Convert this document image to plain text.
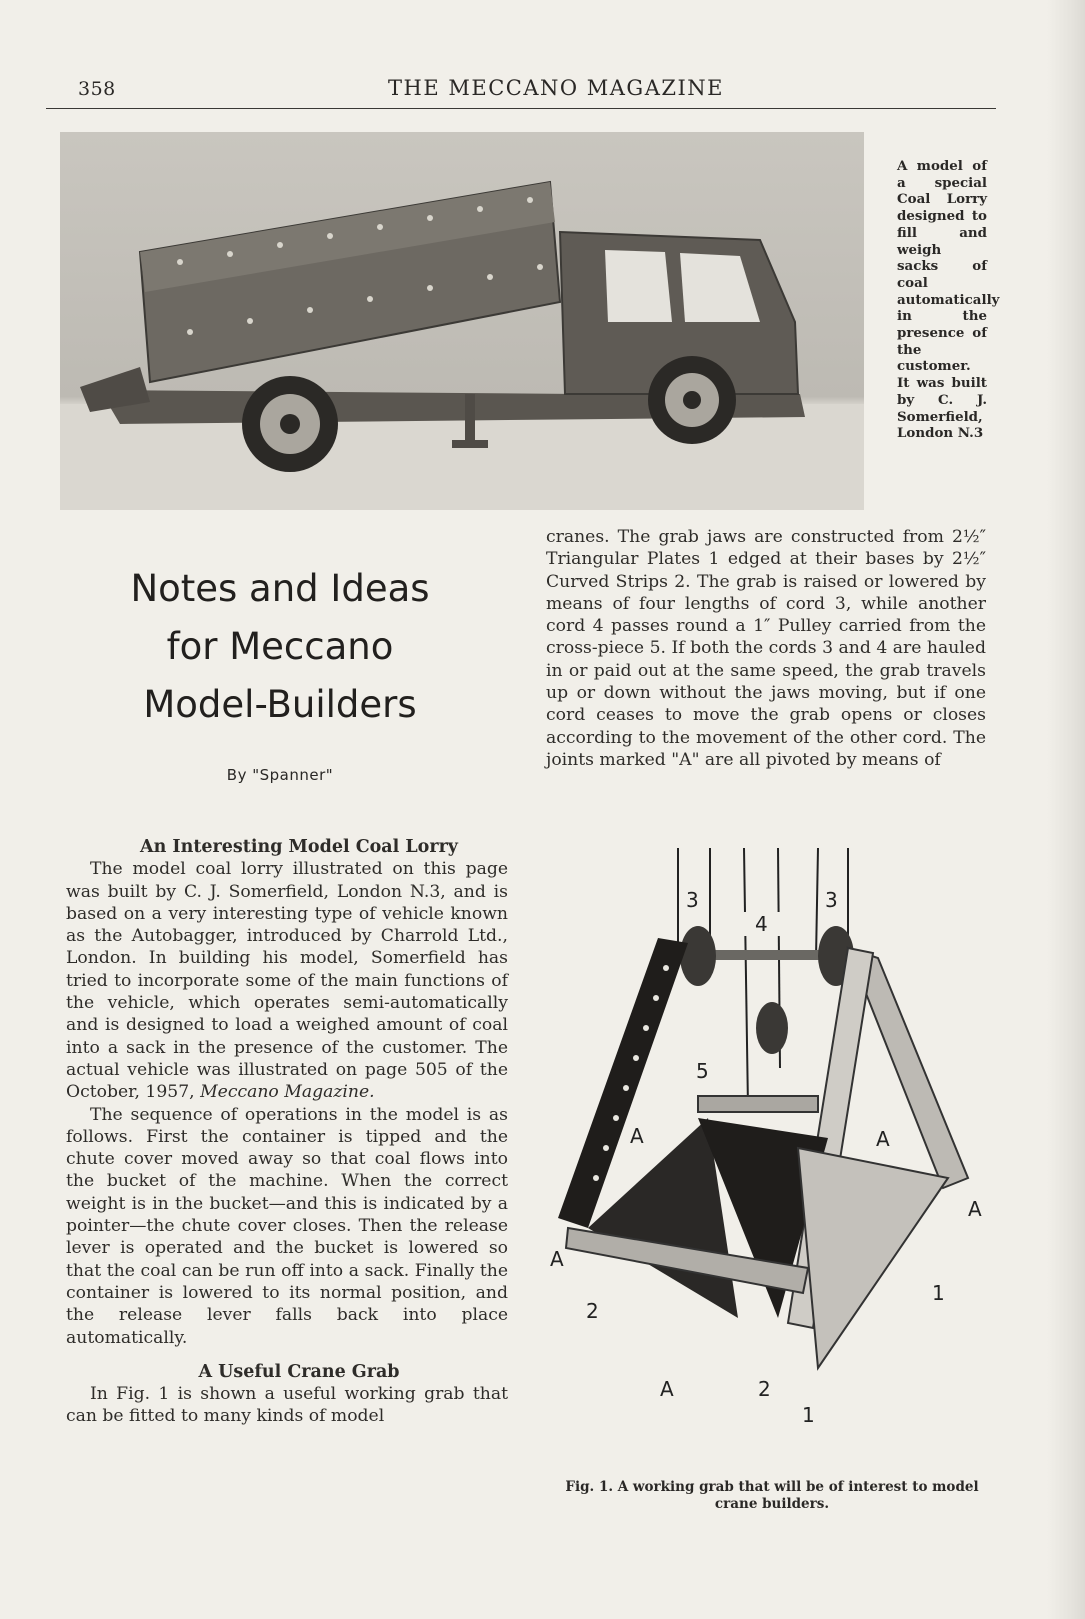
358	THE MECCANO MAGAZINE
A model of a special Coal Lorry designed to fill and weigh sacks of coal automatically in the presence of the customer. It was built by C. J. Somerfield, London N.3
Notes and Ideas
for Meccano
Model-Builders
By "Spanner"

cranes. The grab jaws are constructed from 2½″ Triangular Plates 1 edged at their bases by 2½″ Curved Strips 2. The grab is raised or lowered by means of four lengths of cord 3, while another cord 4 passes round a 1″ Pulley carried from the cross-piece 5. If both the cords 3 and 4 are hauled in or paid out at the same speed, the grab travels up or down without the jaws moving, but if one cord ceases to move the grab opens or closes according to the movement of the other cord. The joints marked "A" are all pivoted by means of

An Interesting Model Coal Lorry

The model coal lorry illustrated on this page was built by C. J. Somerfield, London N.3, and is based on a very interesting type of vehicle known as the Autobagger, introduced by Charrold Ltd., London. In building his model, Somerfield has tried to incorporate some of the main functions of the vehicle, which operates semi-automatically and is designed to load a weighed amount of coal into a sack in the presence of the customer. The actual vehicle was illustrated on page 505 of the October, 1957, Meccano Magazine.

The sequence of operations in the model is as follows. First the container is tipped and the chute cover moved away so that coal flows into the bucket of the machine. When the correct weight is in the bucket—and this is indicated by a pointer—the chute cover closes. Then the release lever is operated and the bucket is lowered so that the coal can be run off into a sack. Finally the container is lowered to its normal position, and the release lever falls back into place automatically.

A Useful Crane Grab

In Fig. 1 is shown a useful working grab that can be fitted to many kinds of model

3
4
3
5
A	A
A
A
A
2
2
1
1
Fig. 1. A working grab that will be of interest to model crane builders.
